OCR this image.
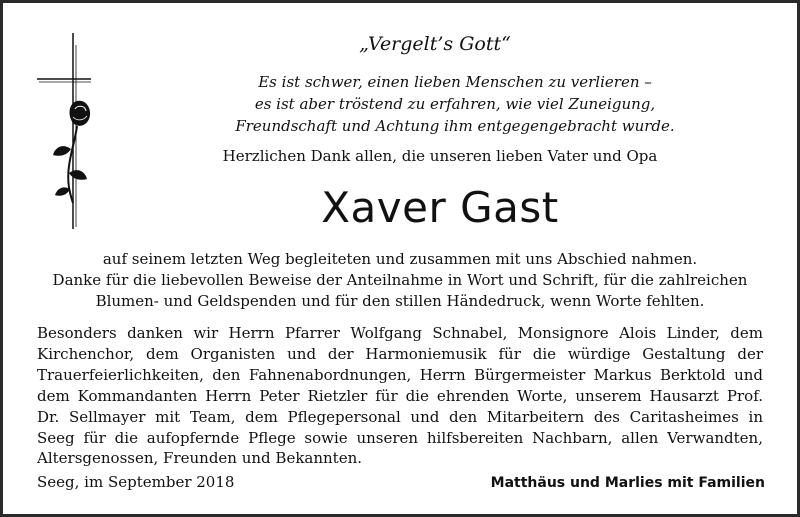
„Vergelt’s Gott“
Es ist schwer, einen lieben Menschen zu verlieren –
es ist aber tröstend zu erfahren, wie viel Zuneigung,
Freundschaft und Achtung ihm entgegengebracht wurde.
Herzlichen Dank allen, die unseren lieben Vater und Opa
Xaver Gast
auf seinem letzten Weg begleiteten und zusammen mit uns Abschied nahmen.
Danke für die liebevollen Beweise der Anteilnahme in Wort und Schrift, für die zahlreichen
Blumen- und Geldspenden und für den stillen Händedruck, wenn Worte fehlten.
Besonders danken wir Herrn Pfarrer Wolfgang Schnabel, Monsignore Alois Linder, dem
Kirchenchor, dem Organisten und der Harmoniemusik für die würdige Gestaltung der
Trauerfeierlichkeiten, den Fahnenabordnungen, Herrn Bürgermeister Markus Berktold und
dem Kommandanten Herrn Peter Rietzler für die ehrenden Worte, unserem Hausarzt Prof.
Dr. Sellmayer mit Team, dem Pflegepersonal und den Mitarbeitern des Caritasheimes in
Seeg für die aufopfernde Pflege sowie unseren hilfsbereiten Nachbarn, allen Verwandten,
Altersgenossen, Freunden und Bekannten.
Seeg, im September 2018	Matthäus und Marlies mit Familien
